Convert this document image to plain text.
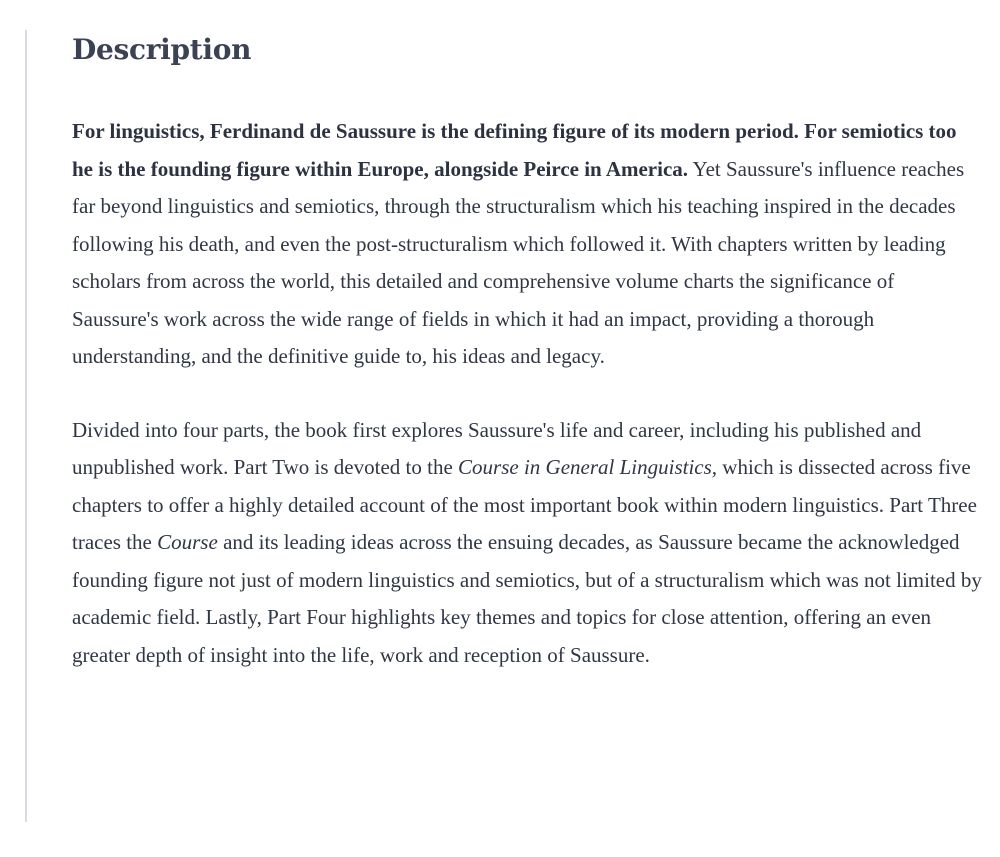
Description

For linguistics, Ferdinand de Saussure is the defining figure of its modern period. For semiotics too he is the founding figure within Europe, alongside Peirce in America. Yet Saussure's influence reaches far beyond linguistics and semiotics, through the structuralism which his teaching inspired in the decades following his death, and even the post-structuralism which followed it. With chapters written by leading scholars from across the world, this detailed and comprehensive volume charts the significance of Saussure's work across the wide range of fields in which it had an impact, providing a thorough understanding, and the definitive guide to, his ideas and legacy.

Divided into four parts, the book first explores Saussure's life and career, including his published and unpublished work. Part Two is devoted to the Course in General Linguistics, which is dissected across five chapters to offer a highly detailed account of the most important book within modern linguistics. Part Three traces the Course and its leading ideas across the ensuing decades, as Saussure became the acknowledged founding figure not just of modern linguistics and semiotics, but of a structuralism which was not limited by academic field. Lastly, Part Four highlights key themes and topics for close attention, offering an even greater depth of insight into the life, work and reception of Saussure.
